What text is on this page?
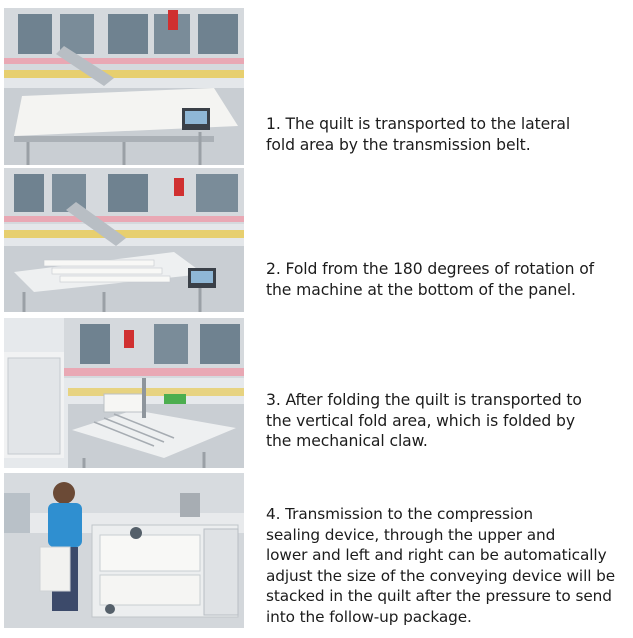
1. The quilt is transported to the lateral
fold area by the transmission belt.
2. Fold from the 180 degrees of rotation of
the machine at the bottom of the panel.
3. After folding the quilt is transported to
the vertical fold area, which is folded by
the mechanical claw.
4. Transmission to the compression
sealing device, through the upper and
lower and left and right can be automatically
adjust the size of the conveying device will be
stacked in the quilt after the pressure to send
into the follow-up package.
